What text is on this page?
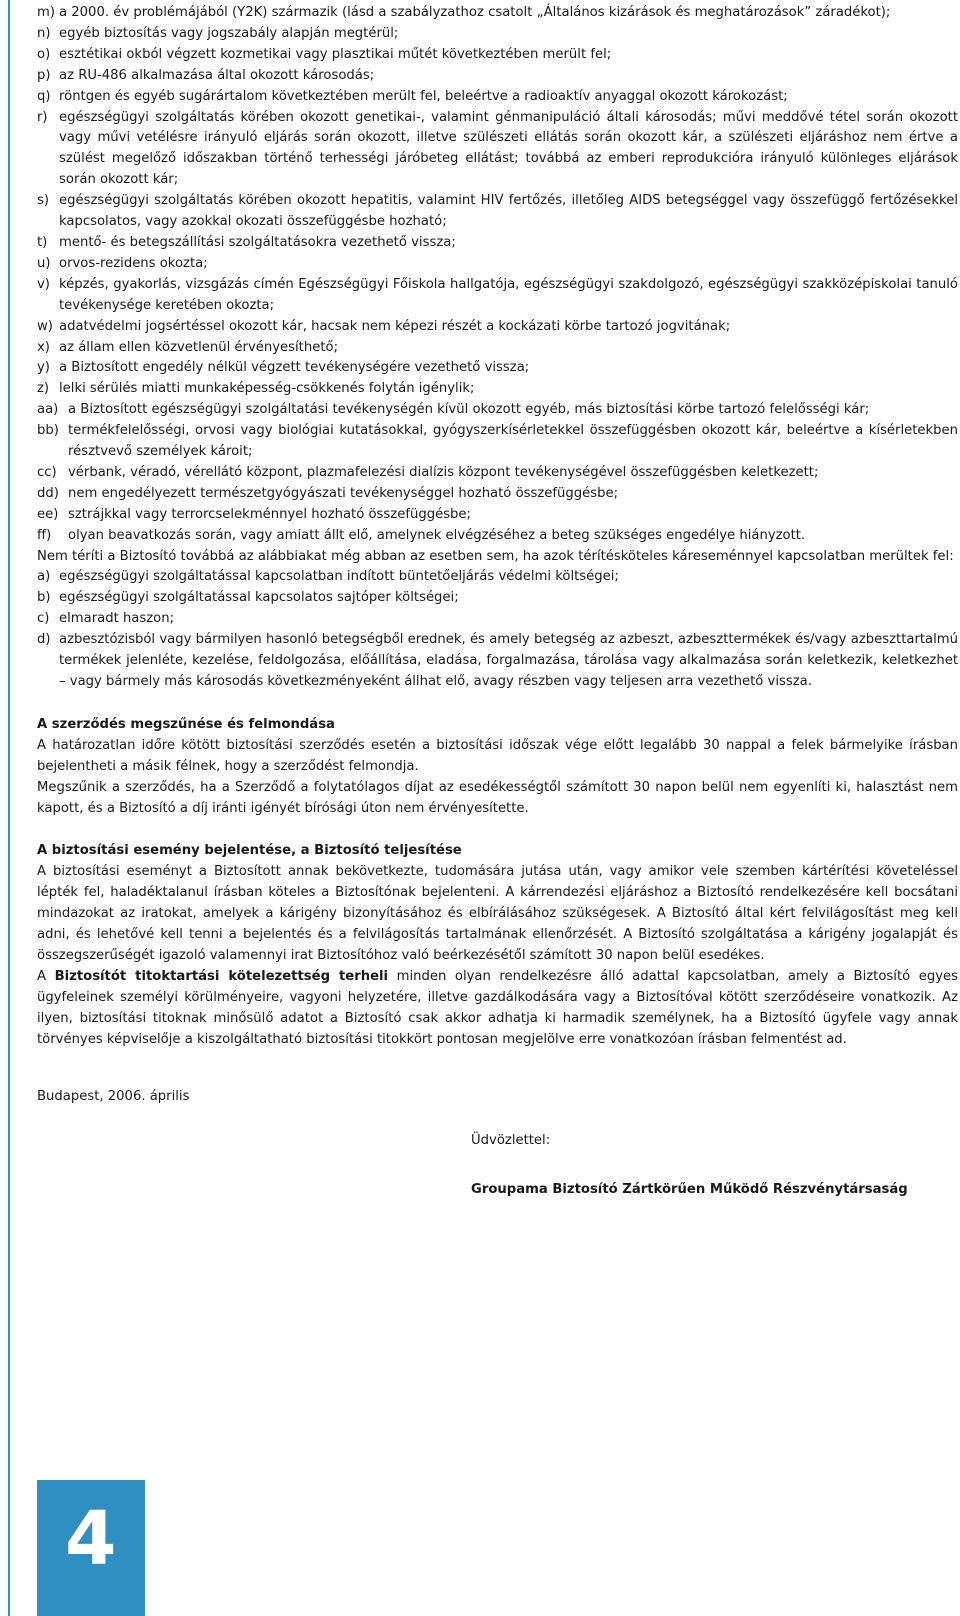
m) a 2000. év problémájából (Y2K) származik (lásd a szabályzathoz csatolt „Általános kizárások és meghatározások” záradékot);
n) egyéb biztosítás vagy jogszabály alapján megtérül;
o) esztétikai okból végzett kozmetikai vagy plasztikai műtét következtében merült fel;
p) az RU-486 alkalmazása által okozott károsodás;
q) röntgen és egyéb sugárártalom következtében merült fel, beleértve a radioaktív anyaggal okozott károkozást;
r) egészségügyi szolgáltatás körében okozott genetikai-, valamint génmanipuláció általi károsodás; művi meddővé tétel során okozott vagy művi vetélésre irányuló eljárás során okozott, illetve szülészeti ellátás során okozott kár, a szülészeti eljáráshoz nem értve a szülést megelőző időszakban történő terhességi járóbeteg ellátást; továbbá az emberi reprodukcióra irányuló különleges eljárások során okozott kár;
s) egészségügyi szolgáltatás körében okozott hepatitis, valamint HIV fertőzés, illetőleg AIDS betegséggel vagy összefüggő fertőzésekkel kapcsolatos, vagy azokkal okozati összefüggésbe hozható;
t) mentő- és betegszállítási szolgáltatásokra vezethető vissza;
u) orvos-rezidens okozta;
v) képzés, gyakorlás, vizsgázás címén Egészségügyi Főiskola hallgatója, egészségügyi szakdolgozó, egészségügyi szakközépiskolai tanuló tevékenysége keretében okozta;
w) adatvédelmi jogsértéssel okozott kár, hacsak nem képezi részét a kockázati körbe tartozó jogvitának;
x) az állam ellen közvetlenül érvényesíthető;
y) a Biztosított engedély nélkül végzett tevékenységére vezethető vissza;
z) lelki sérülés miatti munkaképesség-csökkenés folytán igénylik;
aa) a Biztosított egészségügyi szolgáltatási tevékenységén kívül okozott egyéb, más biztosítási körbe tartozó felelősségi kár;
bb) termékfelelősségi, orvosi vagy biológiai kutatásokkal, gyógyszerkísérletekkel összefüggésben okozott kár, beleértve a kísérletekben résztvevő személyek károit;
cc) vérbank, véradó, vérellátó központ, plazmafelezési dialízis központ tevékenységével összefüggésben keletkezett;
dd) nem engedélyezett természetgyógyászati tevékenységgel hozható összefüggésbe;
ee) sztrájkkal vagy terrorcselekménnyel hozható összefüggésbe;
ff) olyan beavatkozás során, vagy amiatt állt elő, amelynek elvégzéséhez a beteg szükséges engedélye hiányzott.

Nem téríti a Biztosító továbbá az alábbiakat még abban az esetben sem, ha azok térítésköteles káreseménnyel kapcsolatban merültek fel:

a) egészségügyi szolgáltatással kapcsolatban indított büntetőeljárás védelmi költségei;
b) egészségügyi szolgáltatással kapcsolatos sajtóper költségei;
c) elmaradt haszon;
d) azbesztózisból vagy bármilyen hasonló betegségből erednek, és amely betegség az azbeszt, azbeszttermékek és/vagy azbeszttartalmú termékek jelenléte, kezelése, feldolgozása, előállítása, eladása, forgalmazása, tárolása vagy alkalmazása során keletkezik, keletkezhet – vagy bármely más károsodás következményeként állhat elő, avagy részben vagy teljesen arra vezethető vissza.

A szerződés megszűnése és felmondása

A határozatlan időre kötött biztosítási szerződés esetén a biztosítási időszak vége előtt legalább 30 nappal a felek bármelyike írásban bejelentheti a másik félnek, hogy a szerződést felmondja.

Megszűnik a szerződés, ha a Szerződő a folytatólagos díjat az esedékességtől számított 30 napon belül nem egyenlíti ki, halasztást nem kapott, és a Biztosító a díj iránti igényét bírósági úton nem érvényesítette.

A biztosítási esemény bejelentése, a Biztosító teljesítése

A biztosítási eseményt a Biztosított annak bekövetkezte, tudomására jutása után, vagy amikor vele szemben kártérítési követeléssel lépték fel, haladéktalanul írásban köteles a Biztosítónak bejelenteni. A kárrendezési eljáráshoz a Biztosító rendelkezésére kell bocsátani mindazokat az iratokat, amelyek a kárigény bizonyításához és elbírálásához szükségesek. A Biztosító által kért felvilágosítást meg kell adni, és lehetővé kell tenni a bejelentés és a felvilágosítás tartalmának ellenőrzését. A Biztosító szolgáltatása a kárigény jogalapját és összegszerűségét igazoló valamennyi irat Biztosítóhoz való beérkezésétől számított 30 napon belül esedékes.

A Biztosítót titoktartási kötelezettség terheli minden olyan rendelkezésre álló adattal kapcsolatban, amely a Biztosító egyes ügyfeleinek személyi körülményeire, vagyoni helyzetére, illetve gazdálkodására vagy a Biztosítóval kötött szerződéseire vonatkozik. Az ilyen, biztosítási titoknak minősülő adatot a Biztosító csak akkor adhatja ki harmadik személynek, ha a Biztosító ügyfele vagy annak törvényes képviselője a kiszolgáltatható biztosítási titokkört pontosan megjelölve erre vonatkozóan írásban felmentést ad.

Budapest, 2006. április

Üdvözlettel:

Groupama Biztosító Zártkörűen Működő Részvénytársaság

4
